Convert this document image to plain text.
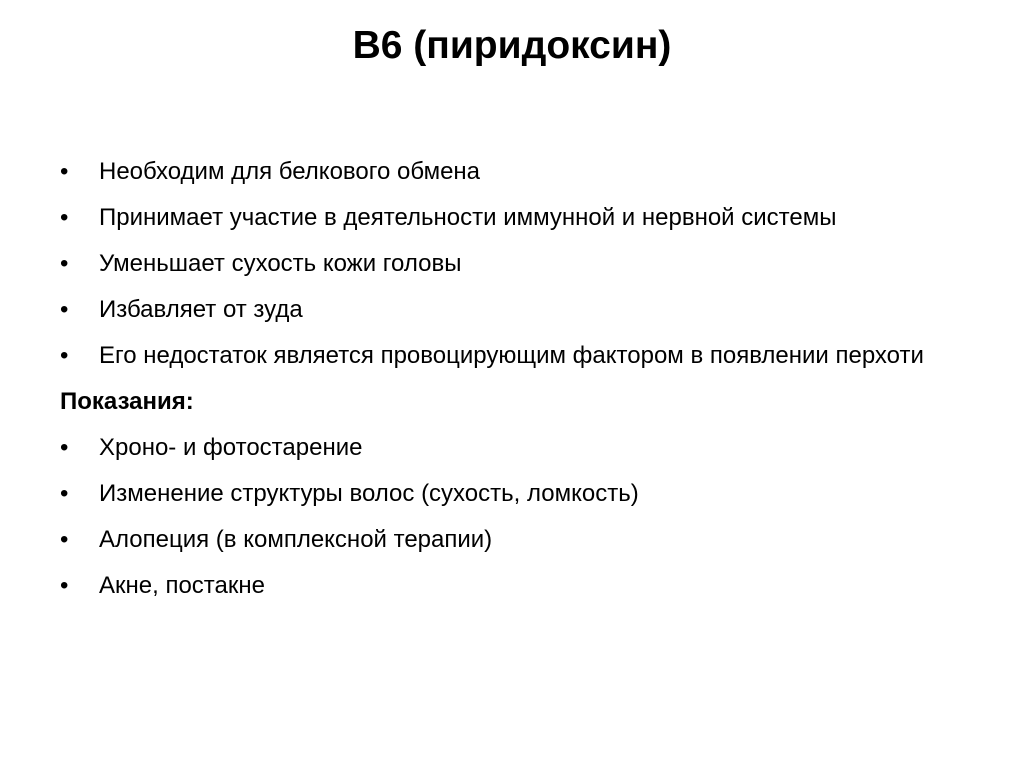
B6 (пиридоксин)
•	Необходим для белкового обмена
•	Принимает участие в деятельности иммунной и нервной системы
•	Уменьшает сухость кожи головы
•	Избавляет от зуда
•	Его недостаток является провоцирующим фактором в появлении перхоти
Показания:
•	Хроно- и фотостарение
•	Изменение структуры волос (сухость, ломкость)
•	Алопеция (в комплексной терапии)
•	Акне, постакне
